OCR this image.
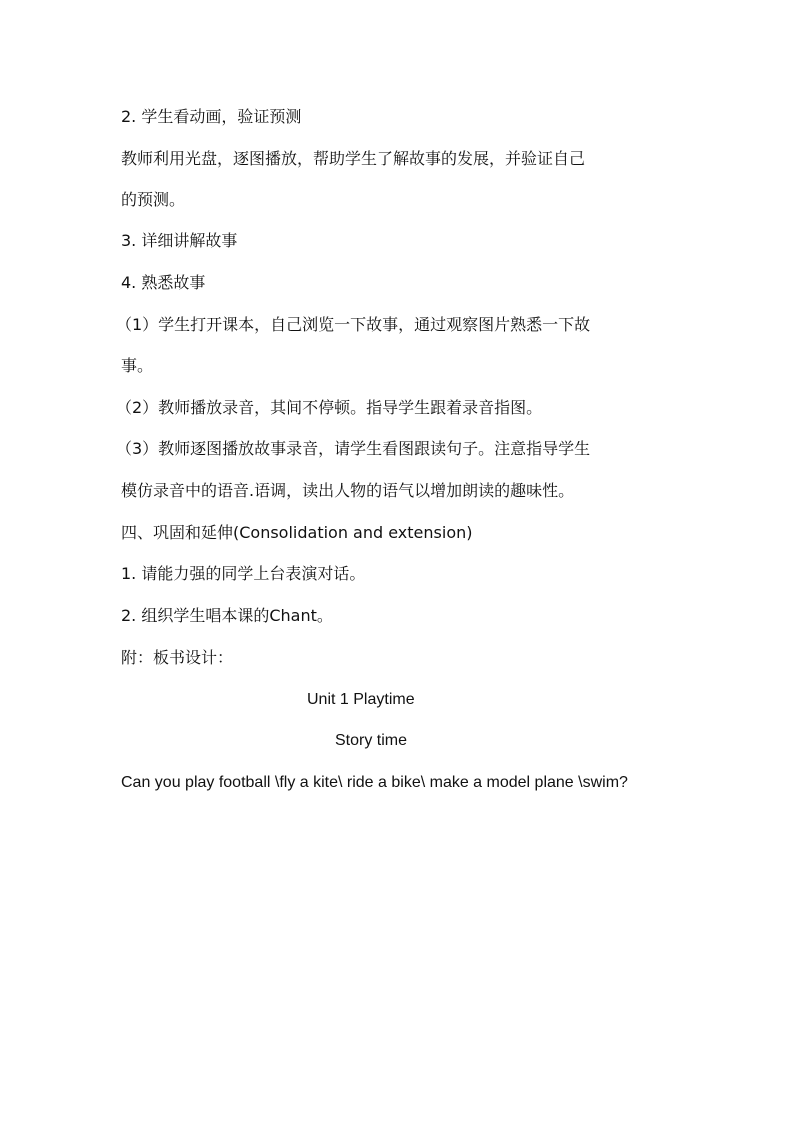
2. 学生看动画，验证预测
教师利用光盘，逐图播放，帮助学生了解故事的发展，并验证自己
的预测。
3. 详细讲解故事
4. 熟悉故事
（1）学生打开课本，自己浏览一下故事，通过观察图片熟悉一下故
事。
（2）教师播放录音，其间不停顿。指导学生跟着录音指图。
（3）教师逐图播放故事录音，请学生看图跟读句子。注意指导学生
模仿录音中的语音.语调，读出人物的语气以增加朗读的趣味性。
四、巩固和延伸(Consolidation and extension)
1. 请能力强的同学上台表演对话。
2. 组织学生唱本课的Chant。
附：板书设计：
Unit 1 Playtime
Story time
Can you play football \fly a kite\ ride a bike\ make a model plane \swim?
